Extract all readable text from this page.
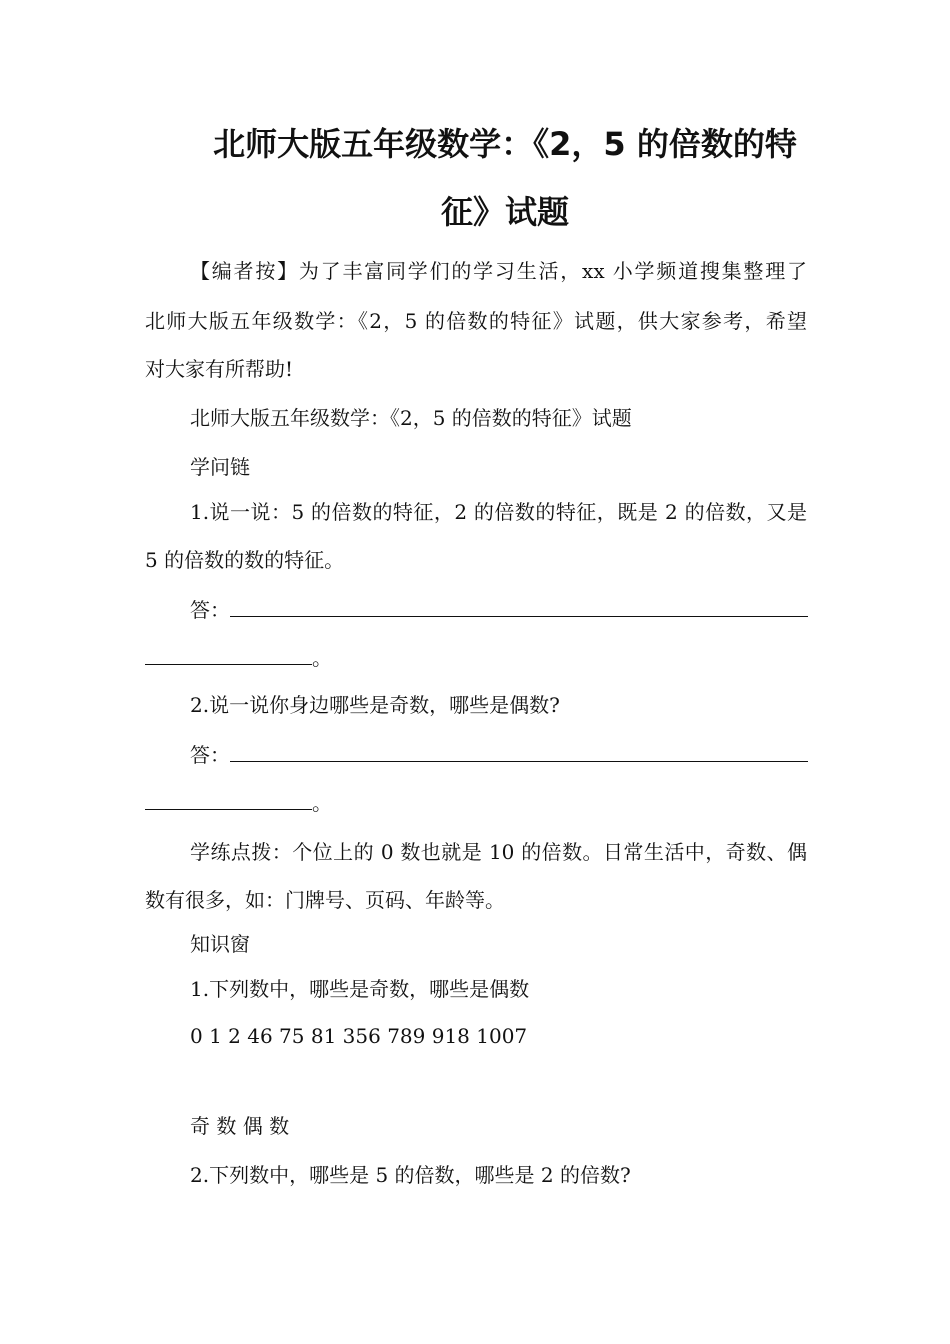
北师大版五年级数学：《2，5 的倍数的特
征》试题
【编者按】为了丰富同学们的学习生活，xx 小学频道搜集整理了
北师大版五年级数学：《2，5 的倍数的特征》试题，供大家参考，希望
对大家有所帮助!
北师大版五年级数学：《2，5 的倍数的特征》试题
学问链
1.说一说：5 的倍数的特征，2 的倍数的特征，既是 2 的倍数，又是
5 的倍数的数的特征。
答：
。
2.说一说你身边哪些是奇数，哪些是偶数?
答：
。
学练点拨：个位上的 0 数也就是 10 的倍数。日常生活中，奇数、偶
数有很多，如：门牌号、页码、年龄等。
知识窗
1.下列数中，哪些是奇数，哪些是偶数
0 1 2 46 75 81 356 789 918 1007
奇 数 偶 数
2.下列数中，哪些是 5 的倍数，哪些是 2 的倍数?
